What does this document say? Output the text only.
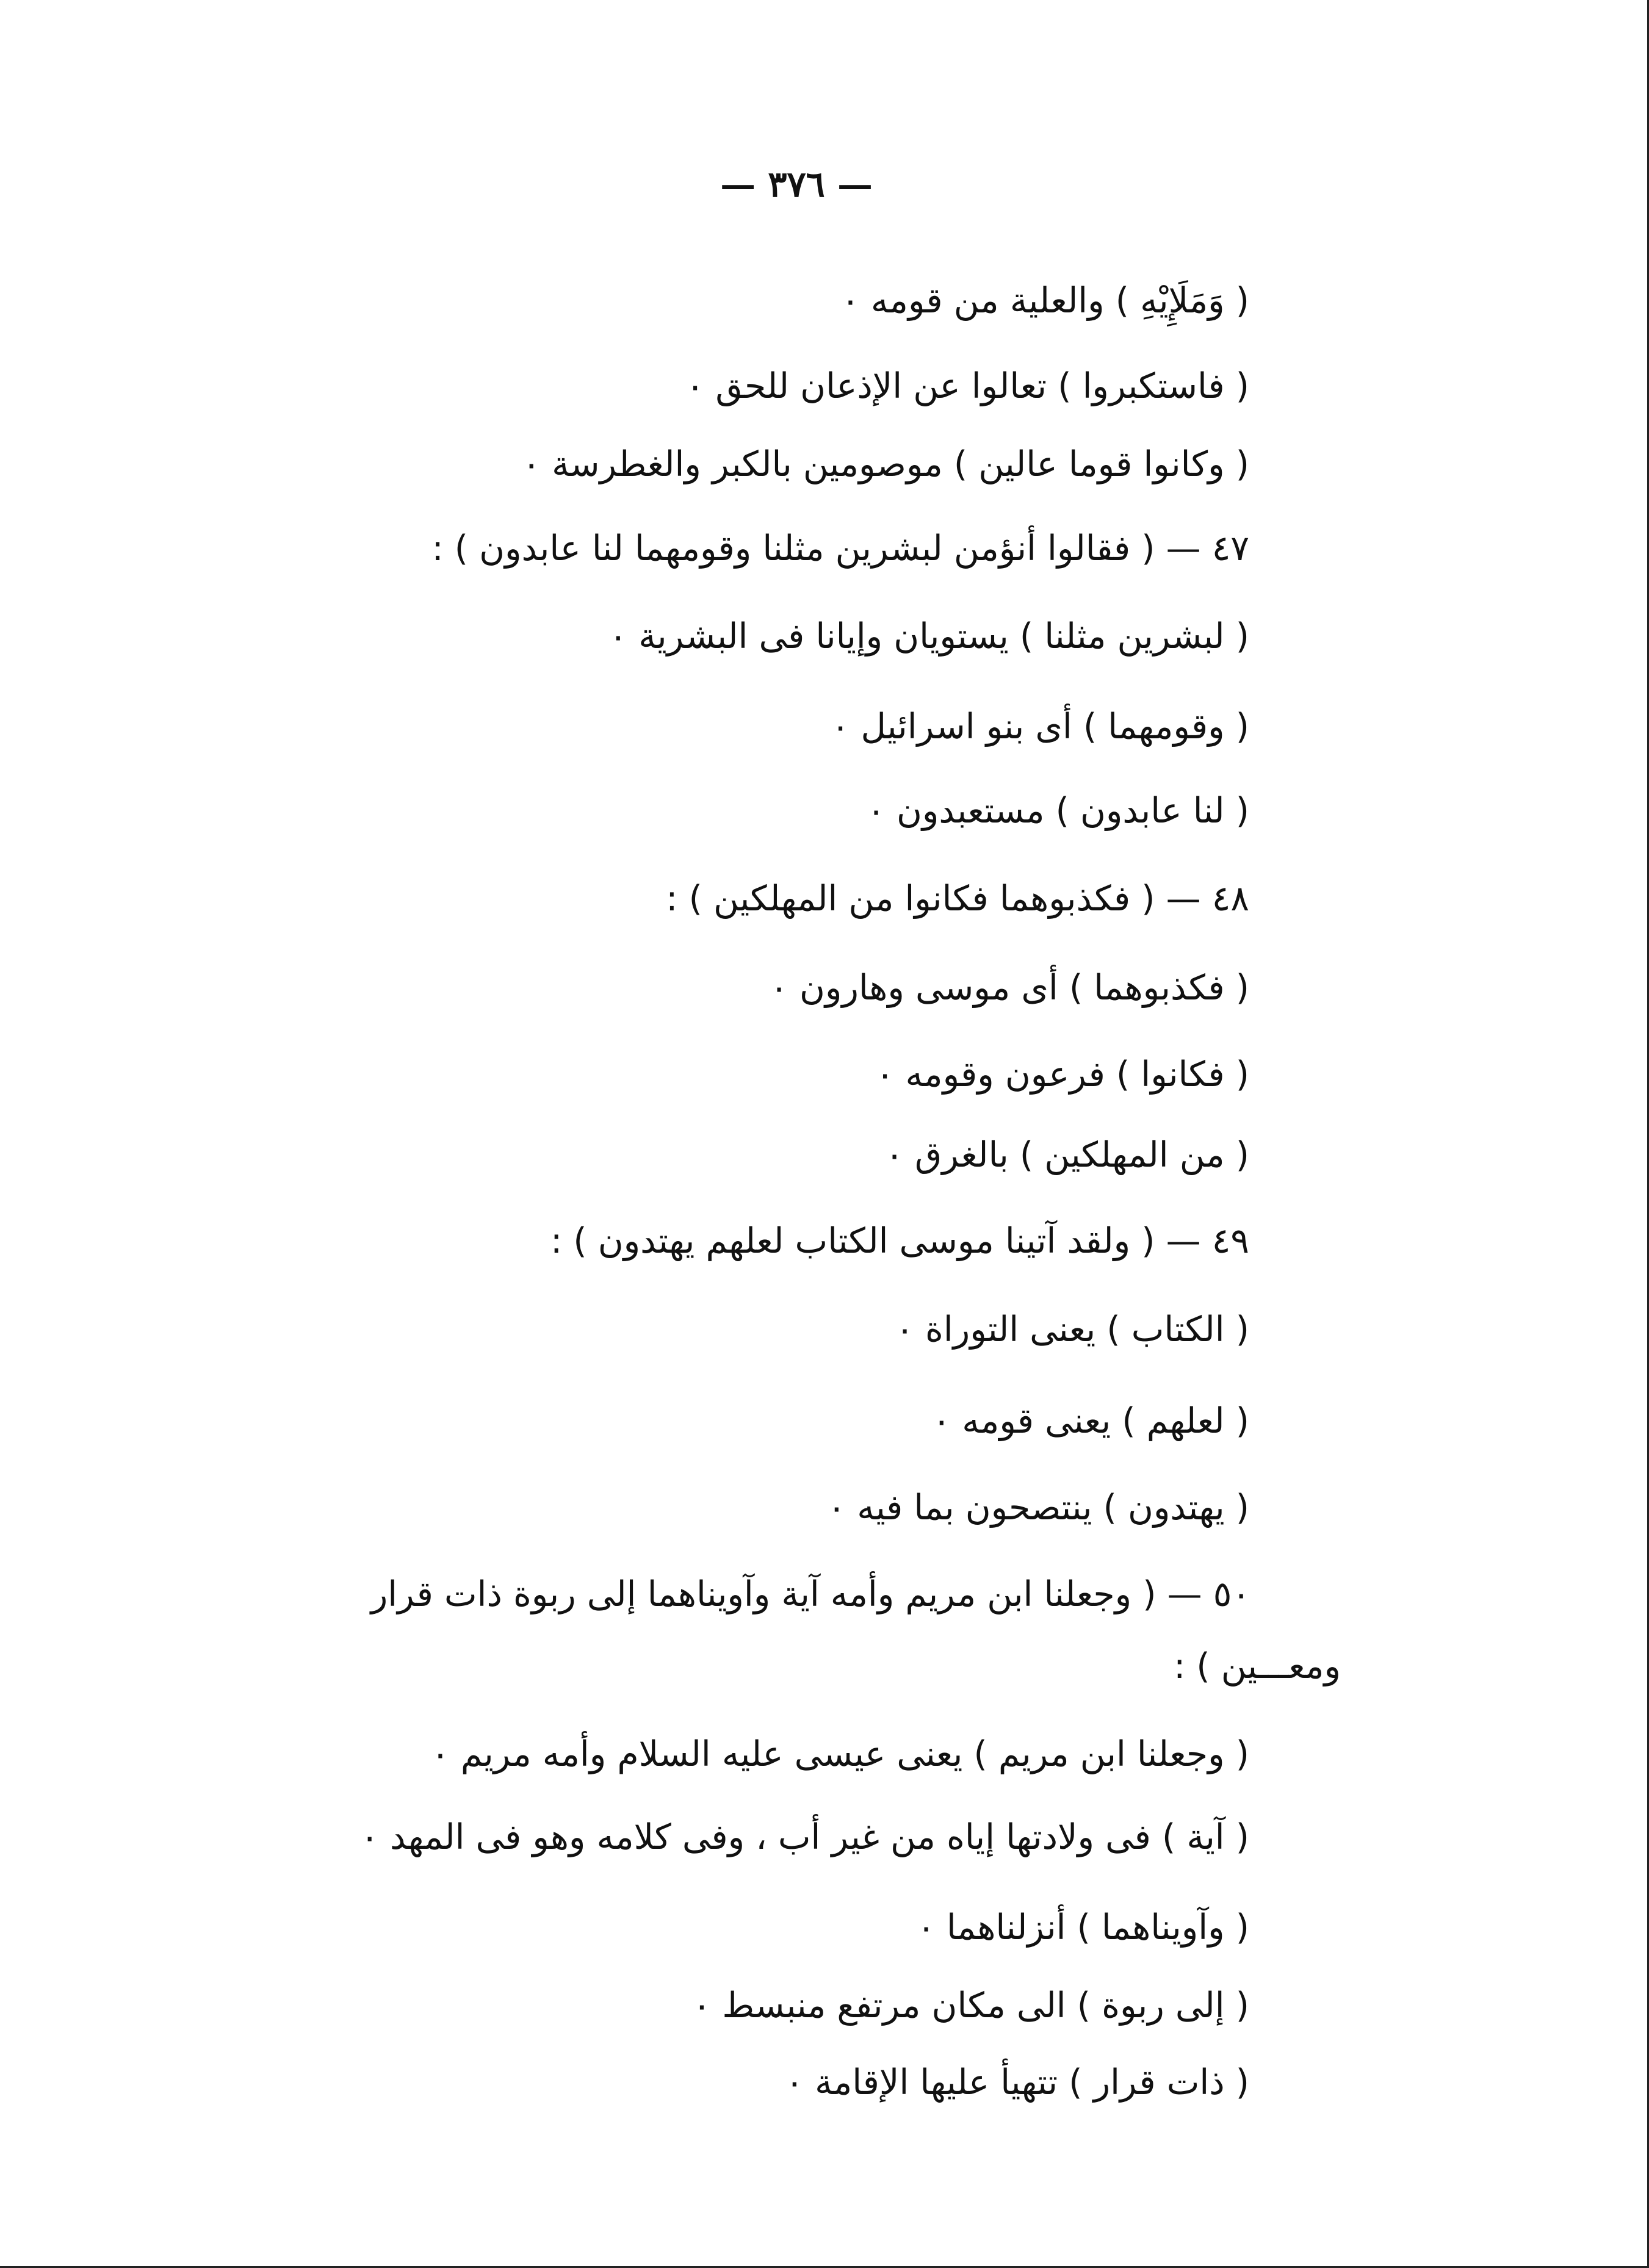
— ٣٧٦ —
( وَمَلَإِيْهِ ) والعلية من قومه ٠
( فاستكبروا ) تعالوا عن الإذعان للحق ٠
( وكانوا قوما عالين ) موصومين بالكبر والغطرسة ٠
٤٧ — ( فقالوا أنؤمن لبشرين مثلنا وقومهما لنا عابدون ) :
( لبشرين مثلنا ) يستويان وإيانا فى البشرية ٠
( وقومهما ) أى بنو اسرائيل ٠
( لنا عابدون ) مستعبدون ٠
٤٨ — ( فكذبوهما فكانوا من المهلكين ) :
( فكذبوهما ) أى موسى وهارون ٠
( فكانوا ) فرعون وقومه ٠
( من المهلكين ) بالغرق ٠
٤٩ — ( ولقد آتينا موسى الكتاب لعلهم يهتدون ) :
( الكتاب ) يعنى التوراة ٠
( لعلهم ) يعنى قومه ٠
( يهتدون ) ينتصحون بما فيه ٠
٥٠ — ( وجعلنا ابن مريم وأمه آية وآويناهما إلى ربوة ذات قرار
ومعـــين ) :
( وجعلنا ابن مريم ) يعنى عيسى عليه السلام وأمه مريم ٠
( آية ) فى ولادتها إياه من غير أب ، وفى كلامه وهو فى المهد ٠
( وآويناهما ) أنزلناهما ٠
( إلى ربوة ) الى مكان مرتفع منبسط ٠
( ذات قرار ) تتهيأ عليها الإقامة ٠
